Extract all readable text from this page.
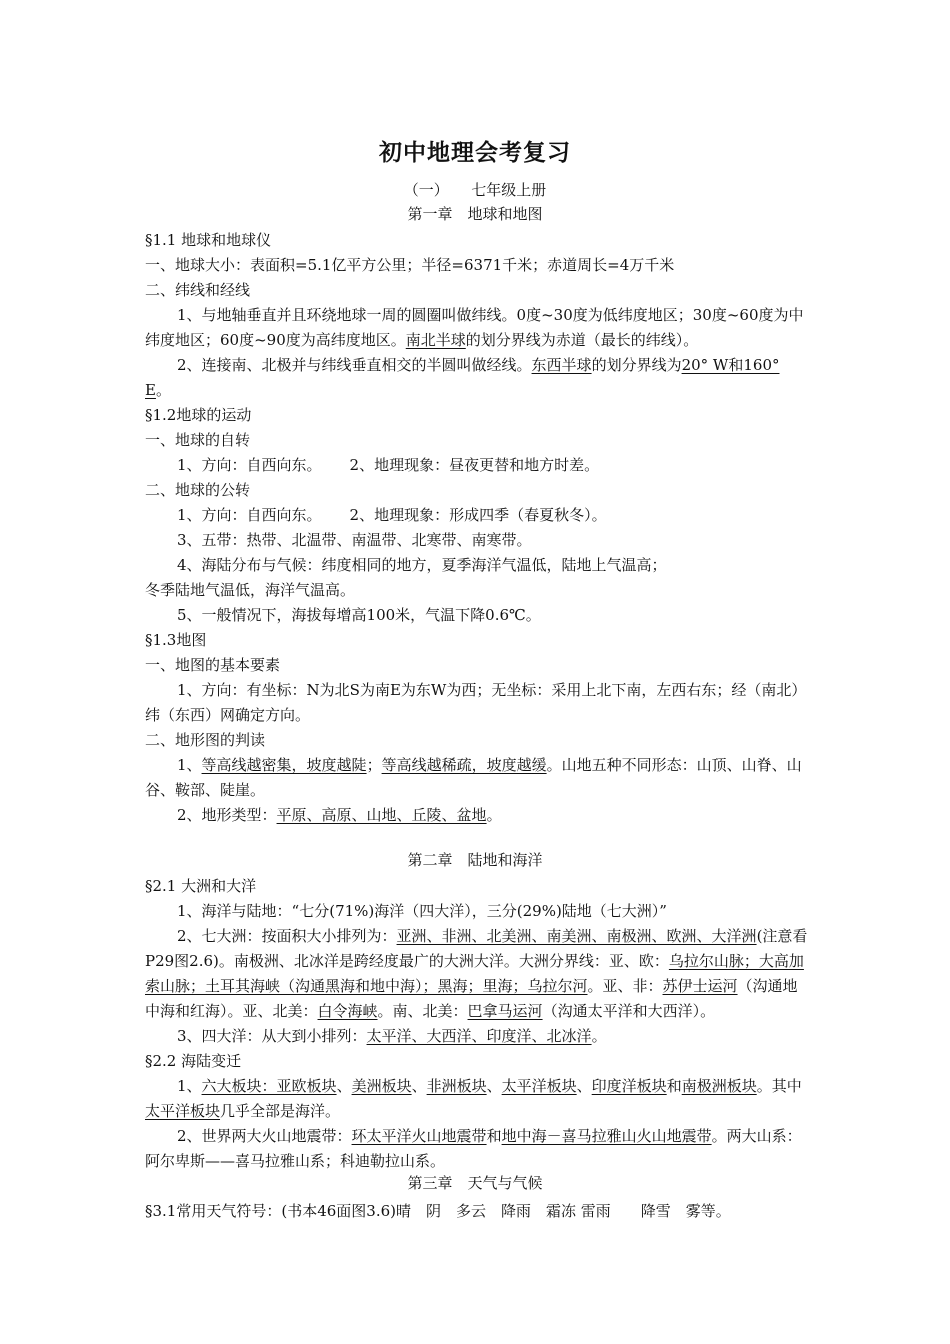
初中地理会考复习
（一）　　七年级上册
第一章　地球和地图

§1.1 地球和地球仪

一、地球大小：表面积=5.1亿平方公里；半径=6371千米；赤道周长=4万千米

二、纬线和经线

1、与地轴垂直并且环绕地球一周的圆圈叫做纬线。0度~30度为低纬度地区；30度~60度为中纬度地区；60度~90度为高纬度地区。南北半球的划分界线为赤道（最长的纬线）。

2、连接南、北极并与纬线垂直相交的半圆叫做经线。东西半球的划分界线为20° W和160° E。

§1.2地球的运动

一、地球的自转

1、方向：自西向东。 2、地理现象：昼夜更替和地方时差。

二、地球的公转

1、方向：自西向东。 2、地理现象：形成四季（春夏秋冬）。

3、五带：热带、北温带、南温带、北寒带、南寒带。

4、海陆分布与气候：纬度相同的地方，夏季海洋气温低，陆地上气温高；

冬季陆地气温低，海洋气温高。

5、一般情况下，海拔每增高100米，气温下降0.6℃。

§1.3地图

一、地图的基本要素

1、方向：有坐标：N为北S为南E为东W为西；无坐标：采用上北下南，左西右东；经（南北）纬（东西）网确定方向。

二、地形图的判读

1、等高线越密集，坡度越陡；等高线越稀疏，坡度越缓。山地五种不同形态：山顶、山脊、山谷、鞍部、陡崖。

2、地形类型：平原、高原、山地、丘陵、盆地。

§2.1 大洲和大洋

1、海洋与陆地：“七分(71%)海洋（四大洋），三分(29%)陆地（七大洲）”

2、七大洲：按面积大小排列为：亚洲、非洲、北美洲、南美洲、南极洲、欧洲、大洋洲(注意看P29图2.6)。南极洲、北冰洋是跨经度最广的大洲大洋。大洲分界线：亚、欧：乌拉尔山脉；大高加索山脉；土耳其海峡（沟通黑海和地中海）；黑海；里海；乌拉尔河。亚、非：苏伊士运河（沟通地中海和红海）。亚、北美：白令海峡。南、北美：巴拿马运河（沟通太平洋和大西洋）。

3、四大洋：从大到小排列：太平洋、大西洋、印度洋、北冰洋。

§2.2 海陆变迁

1、六大板块：亚欧板块、美洲板块、非洲板块、太平洋板块、印度洋板块和南极洲板块。其中太平洋板块几乎全部是海洋。

2、世界两大火山地震带：环太平洋火山地震带和地中海－喜马拉雅山火山地震带。两大山系：阿尔卑斯——喜马拉雅山系；科迪勒拉山系。

§3.1常用天气符号：(书本46面图3.6)晴　阴　多云　降雨　霜冻 雷雨　　降雪　雾等。

第二章　陆地和海洋
第三章　天气与气候
